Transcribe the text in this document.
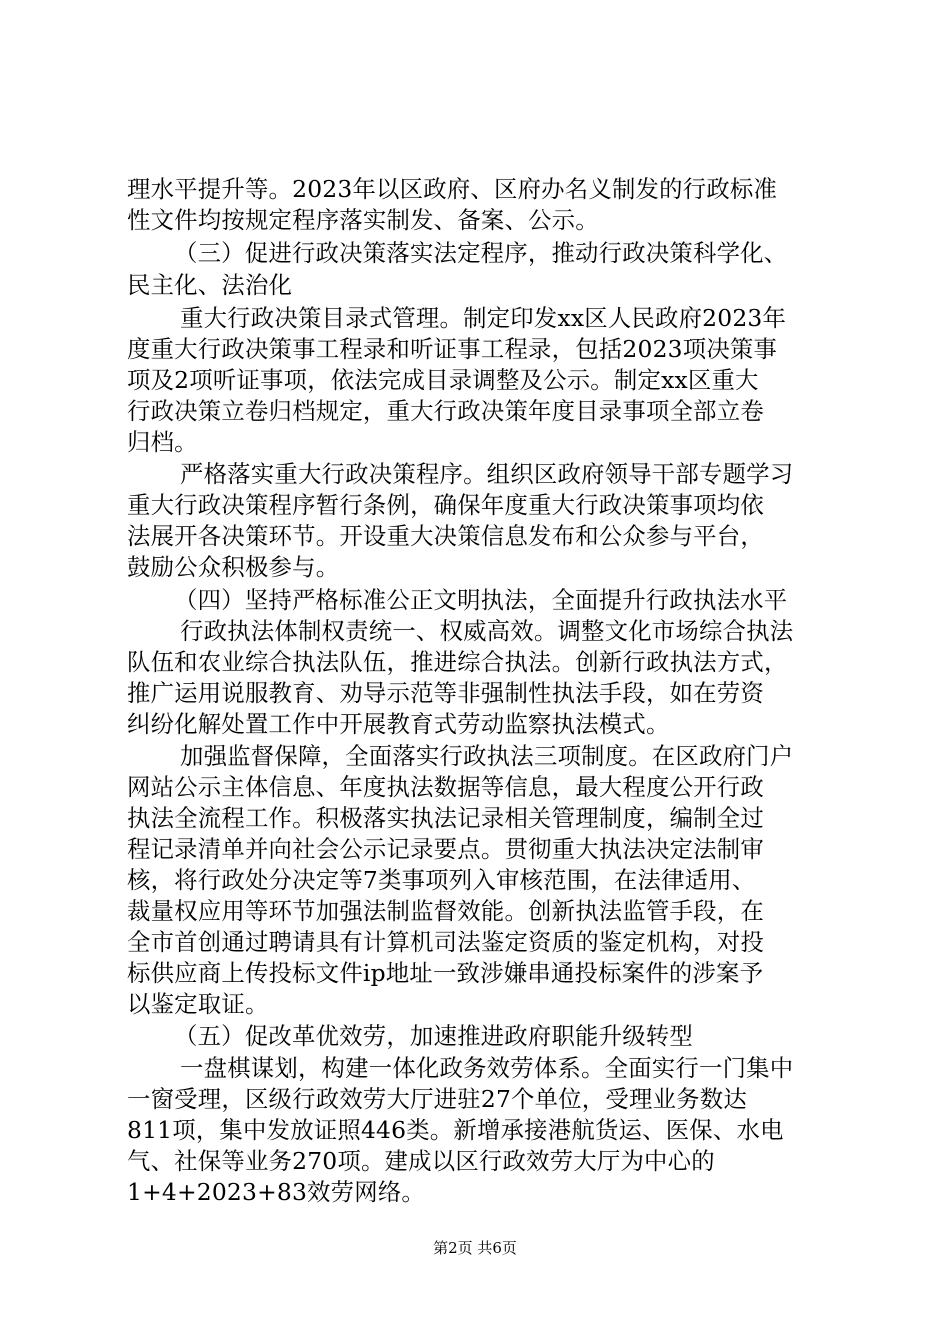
理水平提升等。2023年以区政府、区府办名义制发的行政标准
性文件均按规定程序落实制发、备案、公示。
（三）促进行政决策落实法定程序，推动行政决策科学化、
民主化、法治化
重大行政决策目录式管理。制定印发xx区人民政府2023年
度重大行政决策事工程录和听证事工程录，包括2023项决策事
项及2项听证事项，依法完成目录调整及公示。制定xx区重大
行政决策立卷归档规定，重大行政决策年度目录事项全部立卷
归档。
严格落实重大行政决策程序。组织区政府领导干部专题学习
重大行政决策程序暂行条例，确保年度重大行政决策事项均依
法展开各决策环节。开设重大决策信息发布和公众参与平台，
鼓励公众积极参与。
（四）坚持严格标准公正文明执法，全面提升行政执法水平
行政执法体制权责统一、权威高效。调整文化市场综合执法
队伍和农业综合执法队伍，推进综合执法。创新行政执法方式，
推广运用说服教育、劝导示范等非强制性执法手段，如在劳资
纠纷化解处置工作中开展教育式劳动监察执法模式。
加强监督保障，全面落实行政执法三项制度。在区政府门户
网站公示主体信息、年度执法数据等信息，最大程度公开行政
执法全流程工作。积极落实执法记录相关管理制度，编制全过
程记录清单并向社会公示记录要点。贯彻重大执法决定法制审
核，将行政处分决定等7类事项列入审核范围，在法律适用、
裁量权应用等环节加强法制监督效能。创新执法监管手段，在
全市首创通过聘请具有计算机司法鉴定资质的鉴定机构，对投
标供应商上传投标文件ip地址一致涉嫌串通投标案件的涉案予
以鉴定取证。
（五）促改革优效劳，加速推进政府职能升级转型
一盘棋谋划，构建一体化政务效劳体系。全面实行一门集中
一窗受理，区级行政效劳大厅进驻27个单位，受理业务数达
811项，集中发放证照446类。新增承接港航货运、医保、水电
气、社保等业务270项。建成以区行政效劳大厅为中心的
1+4+2023+83效劳网络。
第2页 共6页
